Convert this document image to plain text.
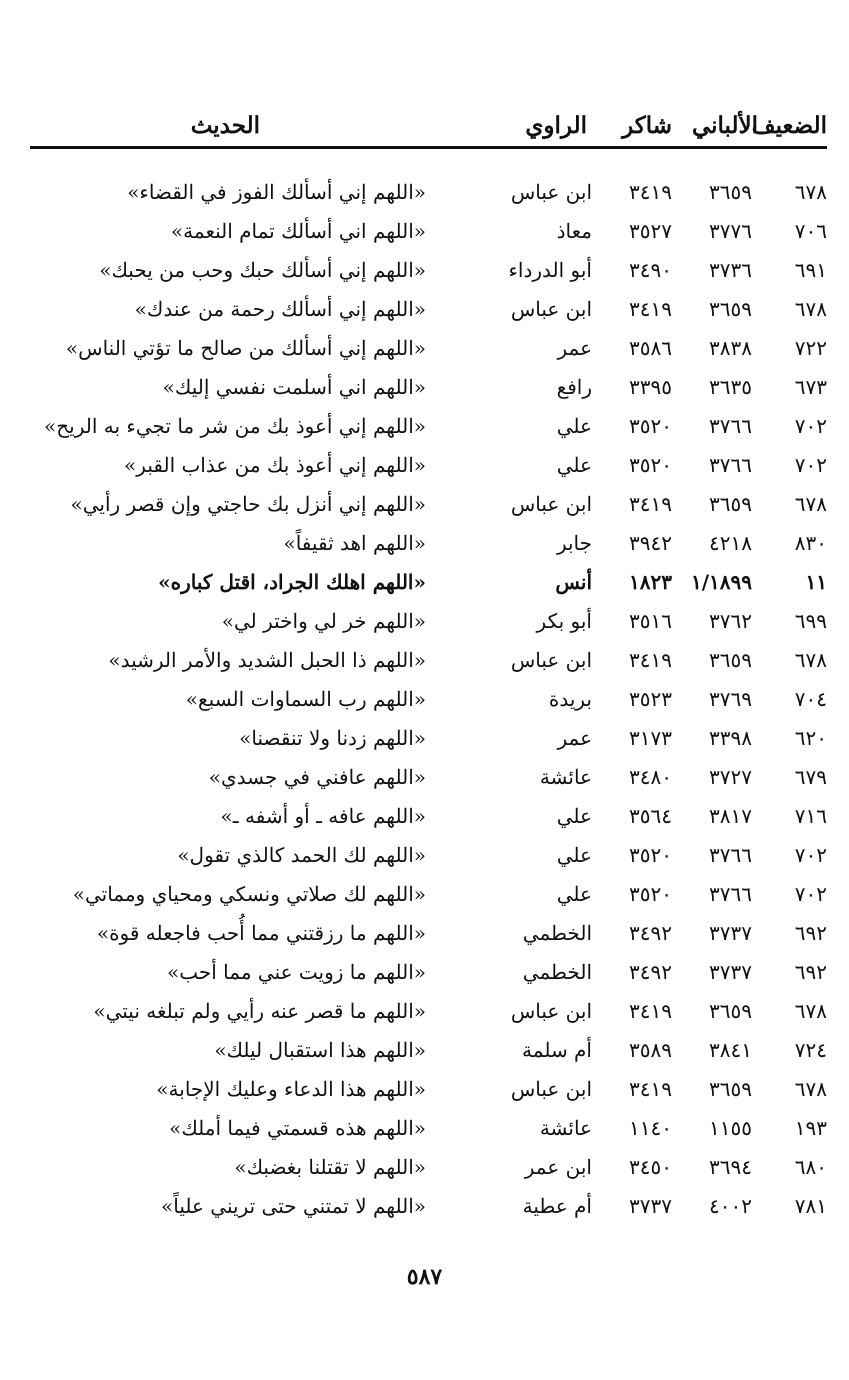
الضعيف
الألباني
شاكر
الراوي
الحديث
٦٧٨
٣٦٥٩
٣٤١٩
ابن عباس
«اللهم إني أسألك الفوز في القضاء»
٧٠٦
٣٧٧٦
٣٥٢٧
معاذ
«اللهم اني أسألك تمام النعمة»
٦٩١
٣٧٣٦
٣٤٩٠
أبو الدرداء
«اللهم إني أسألك حبك وحب من يحبك»
٦٧٨
٣٦٥٩
٣٤١٩
ابن عباس
«اللهم إني أسألك رحمة من عندك»
٧٢٢
٣٨٣٨
٣٥٨٦
عمر
«اللهم إني أسألك من صالح ما تؤتي الناس»
٦٧٣
٣٦٣٥
٣٣٩٥
رافع
«اللهم اني أسلمت نفسي إليك»
٧٠٢
٣٧٦٦
٣٥٢٠
علي
«اللهم إني أعوذ بك من شر ما تجيء به الريح»
٧٠٢
٣٧٦٦
٣٥٢٠
علي
«اللهم إني أعوذ بك من عذاب القبر»
٦٧٨
٣٦٥٩
٣٤١٩
ابن عباس
«اللهم إني أنزل بك حاجتي وإن قصر رأيي»
٨٣٠
٤٢١٨
٣٩٤٢
جابر
«اللهم اهد ثقيفاً»
١١
١/١٨٩٩
١٨٢٣
أنس
«اللهم اهلك الجراد، اقتل كباره»
٦٩٩
٣٧٦٢
٣٥١٦
أبو بكر
«اللهم خر لي واختر لي»
٦٧٨
٣٦٥٩
٣٤١٩
ابن عباس
«اللهم ذا الحبل الشديد والأمر الرشيد»
٧٠٤
٣٧٦٩
٣٥٢٣
بريدة
«اللهم رب السماوات السبع»
٦٢٠
٣٣٩٨
٣١٧٣
عمر
«اللهم زدنا ولا تنقصنا»
٦٧٩
٣٧٢٧
٣٤٨٠
عائشة
«اللهم عافني في جسدي»
٧١٦
٣٨١٧
٣٥٦٤
علي
«اللهم عافه ـ أو أشفه ـ»
٧٠٢
٣٧٦٦
٣٥٢٠
علي
«اللهم لك الحمد كالذي تقول»
٧٠٢
٣٧٦٦
٣٥٢٠
علي
«اللهم لك صلاتي ونسكي ومحياي ومماتي»
٦٩٢
٣٧٣٧
٣٤٩٢
الخطمي
«اللهم ما رزقتني مما أُحب فاجعله قوة»
٦٩٢
٣٧٣٧
٣٤٩٢
الخطمي
«اللهم ما زويت عني مما أحب»
٦٧٨
٣٦٥٩
٣٤١٩
ابن عباس
«اللهم ما قصر عنه رأيي ولم تبلغه نيتي»
٧٢٤
٣٨٤١
٣٥٨٩
أم سلمة
«اللهم هذا استقبال ليلك»
٦٧٨
٣٦٥٩
٣٤١٩
ابن عباس
«اللهم هذا الدعاء وعليك الإجابة»
١٩٣
١١٥٥
١١٤٠
عائشة
«اللهم هذه قسمتي فيما أملك»
٦٨٠
٣٦٩٤
٣٤٥٠
ابن عمر
«اللهم لا تقتلنا بغضبك»
٧٨١
٤٠٠٢
٣٧٣٧
أم عطية
«اللهم لا تمتني حتى تريني علياً»
٥٨٧
